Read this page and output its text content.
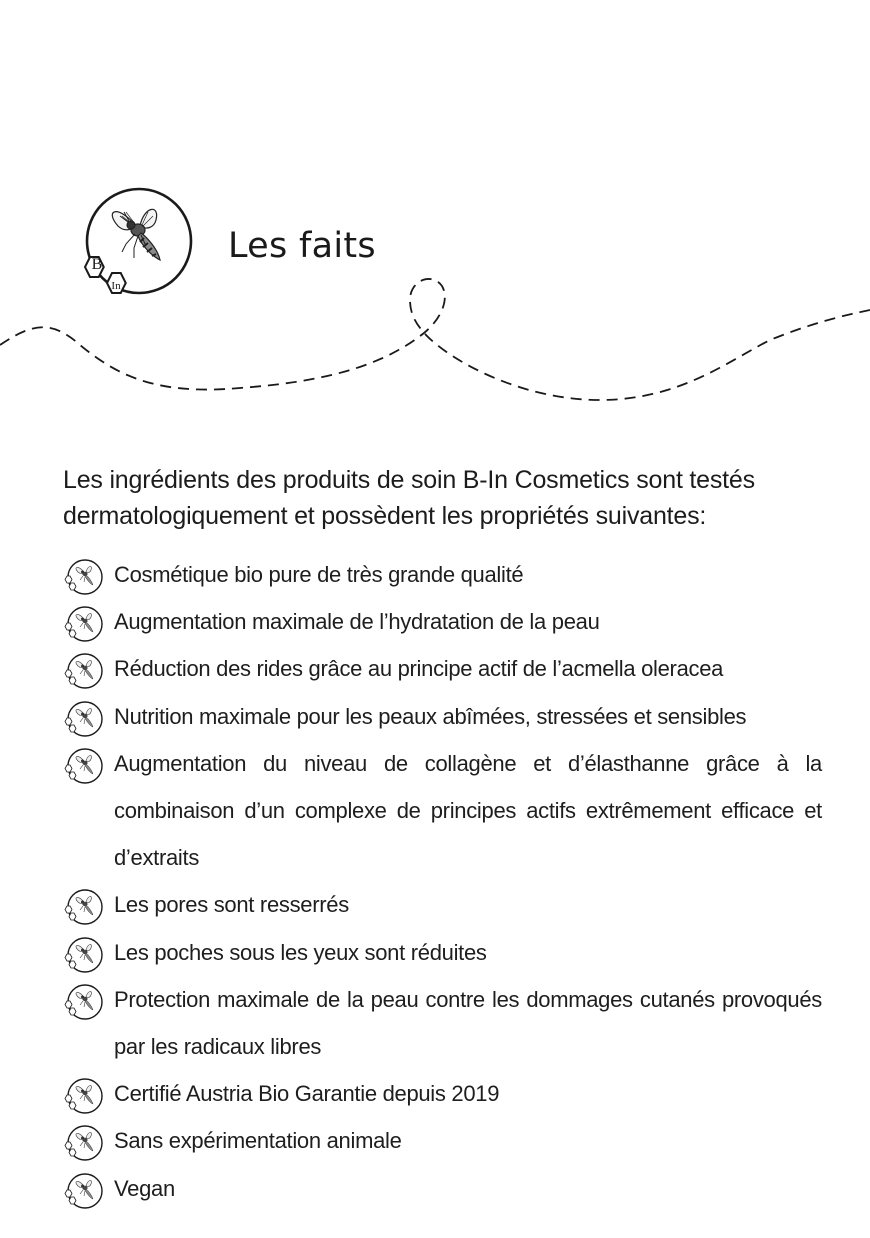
B
In
Les faits

Les ingrédients des produits de soin B-In Cosmetics sont testés dermatologiquement et possèdent les propriétés suivantes:

Cosmétique bio pure de très grande qualité
Augmentation maximale de l’hydratation de la peau
Réduction des rides grâce au principe actif de l’acmella oleracea
Nutrition maximale pour les peaux abîmées, stressées et sensibles
Augmentation du niveau de collagène et d’élasthanne grâce à la combinaison d’un complexe de principes actifs extrêmement efficace et d’extraits
Les pores sont resserrés
Les poches sous les yeux sont réduites
Protection maximale de la peau contre les dommages cutanés provoqués par les radicaux libres
Certifié Austria Bio Garantie depuis 2019
Sans expérimentation animale
Vegan
